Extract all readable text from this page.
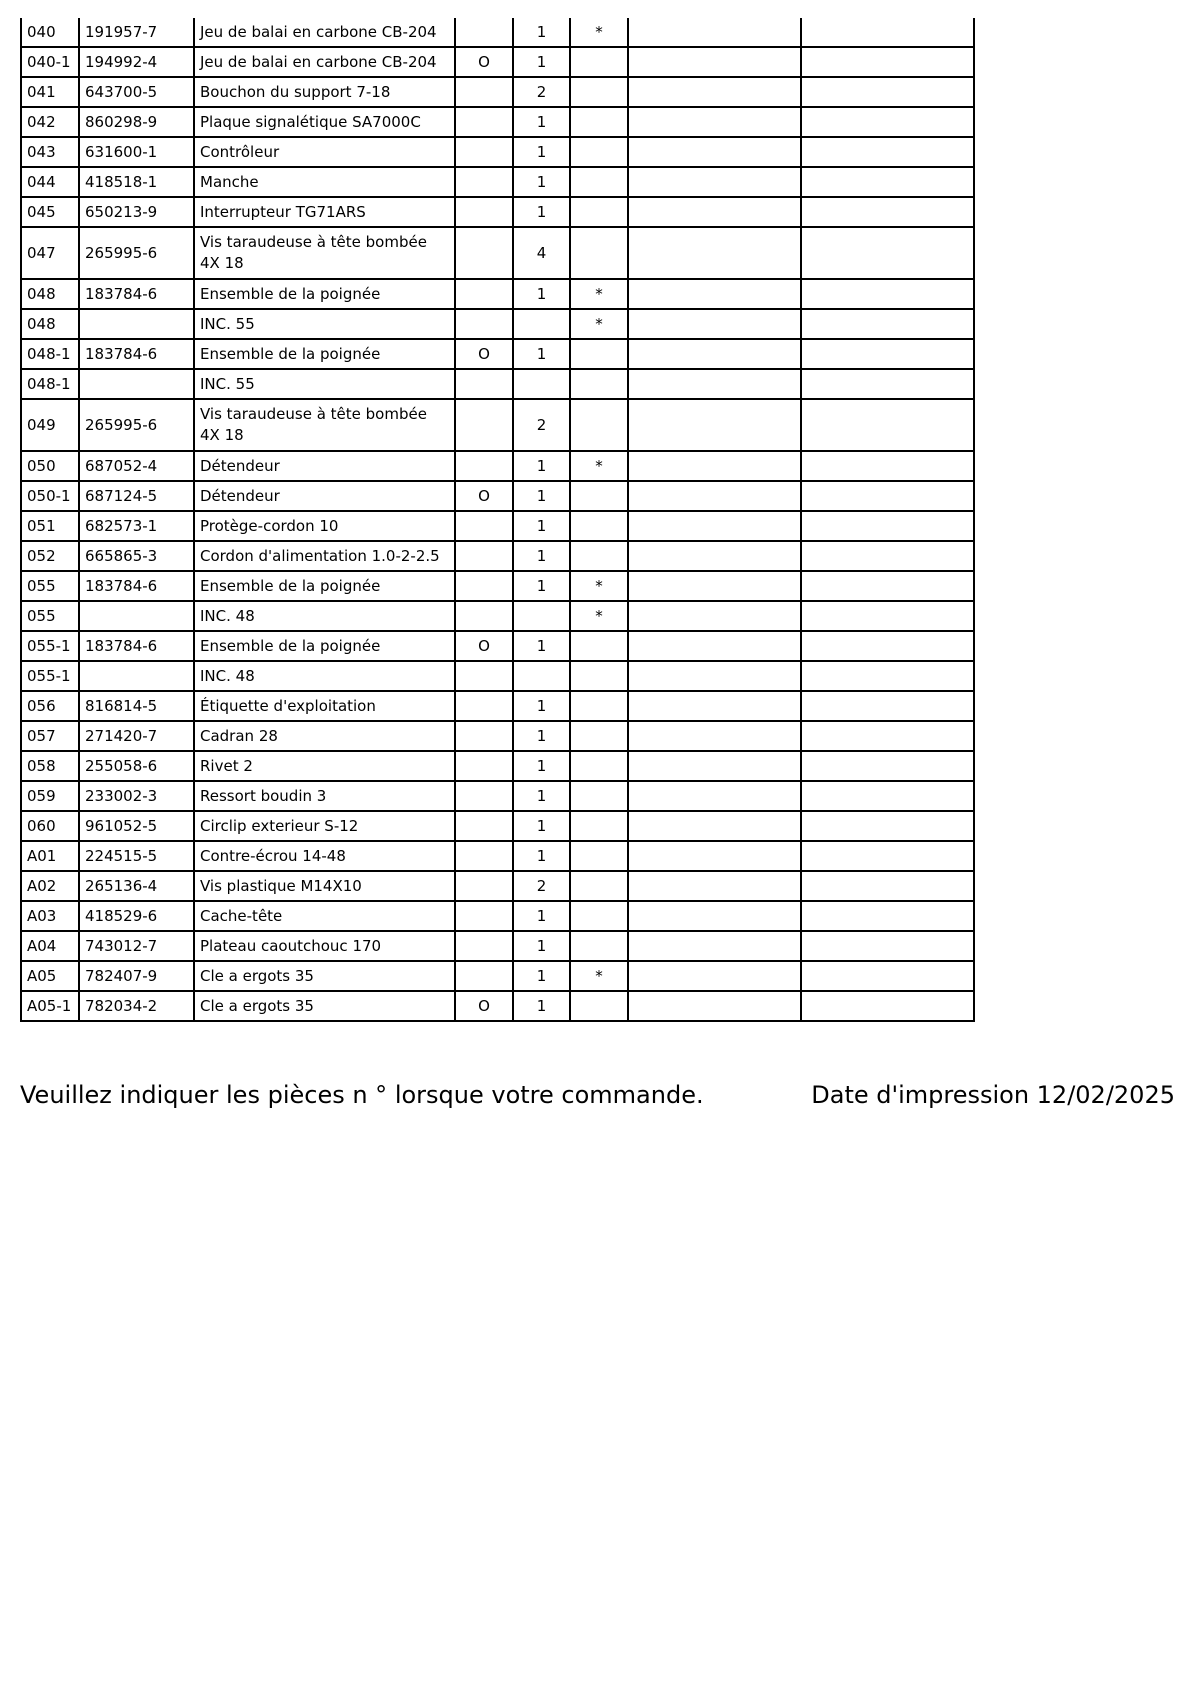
040	191957-7	Jeu de balai en carbone CB-204		1	*		
040-1	194992-4	Jeu de balai en carbone CB-204	O	1			
041	643700-5	Bouchon du support 7-18		2			
042	860298-9	Plaque signalétique SA7000C		1			
043	631600-1	Contrôleur		1			
044	418518-1	Manche		1			
045	650213-9	Interrupteur TG71ARS		1			
047	265995-6	Vis taraudeuse à tête bombée 4X 18		4			
048	183784-6	Ensemble de la poignée		1	*		
048		INC. 55			*		
048-1	183784-6	Ensemble de la poignée	O	1			
048-1		INC. 55					
049	265995-6	Vis taraudeuse à tête bombée 4X 18		2			
050	687052-4	Détendeur		1	*		
050-1	687124-5	Détendeur	O	1			
051	682573-1	Protège-cordon 10		1			
052	665865-3	Cordon d'alimentation 1.0-2-2.5		1			
055	183784-6	Ensemble de la poignée		1	*		
055		INC. 48			*		
055-1	183784-6	Ensemble de la poignée	O	1			
055-1		INC. 48					
056	816814-5	Étiquette d'exploitation		1			
057	271420-7	Cadran 28		1			
058	255058-6	Rivet 2		1			
059	233002-3	Ressort boudin 3		1			
060	961052-5	Circlip exterieur S-12		1			
A01	224515-5	Contre-écrou 14-48		1			
A02	265136-4	Vis plastique M14X10		2			
A03	418529-6	Cache-tête		1			
A04	743012-7	Plateau caoutchouc 170		1			
A05	782407-9	Cle a ergots 35		1	*		
A05-1	782034-2	Cle a ergots 35	O	1			
Veuillez indiquer les pièces n ° lorsque votre commande.	Date d'impression 12/02/2025
